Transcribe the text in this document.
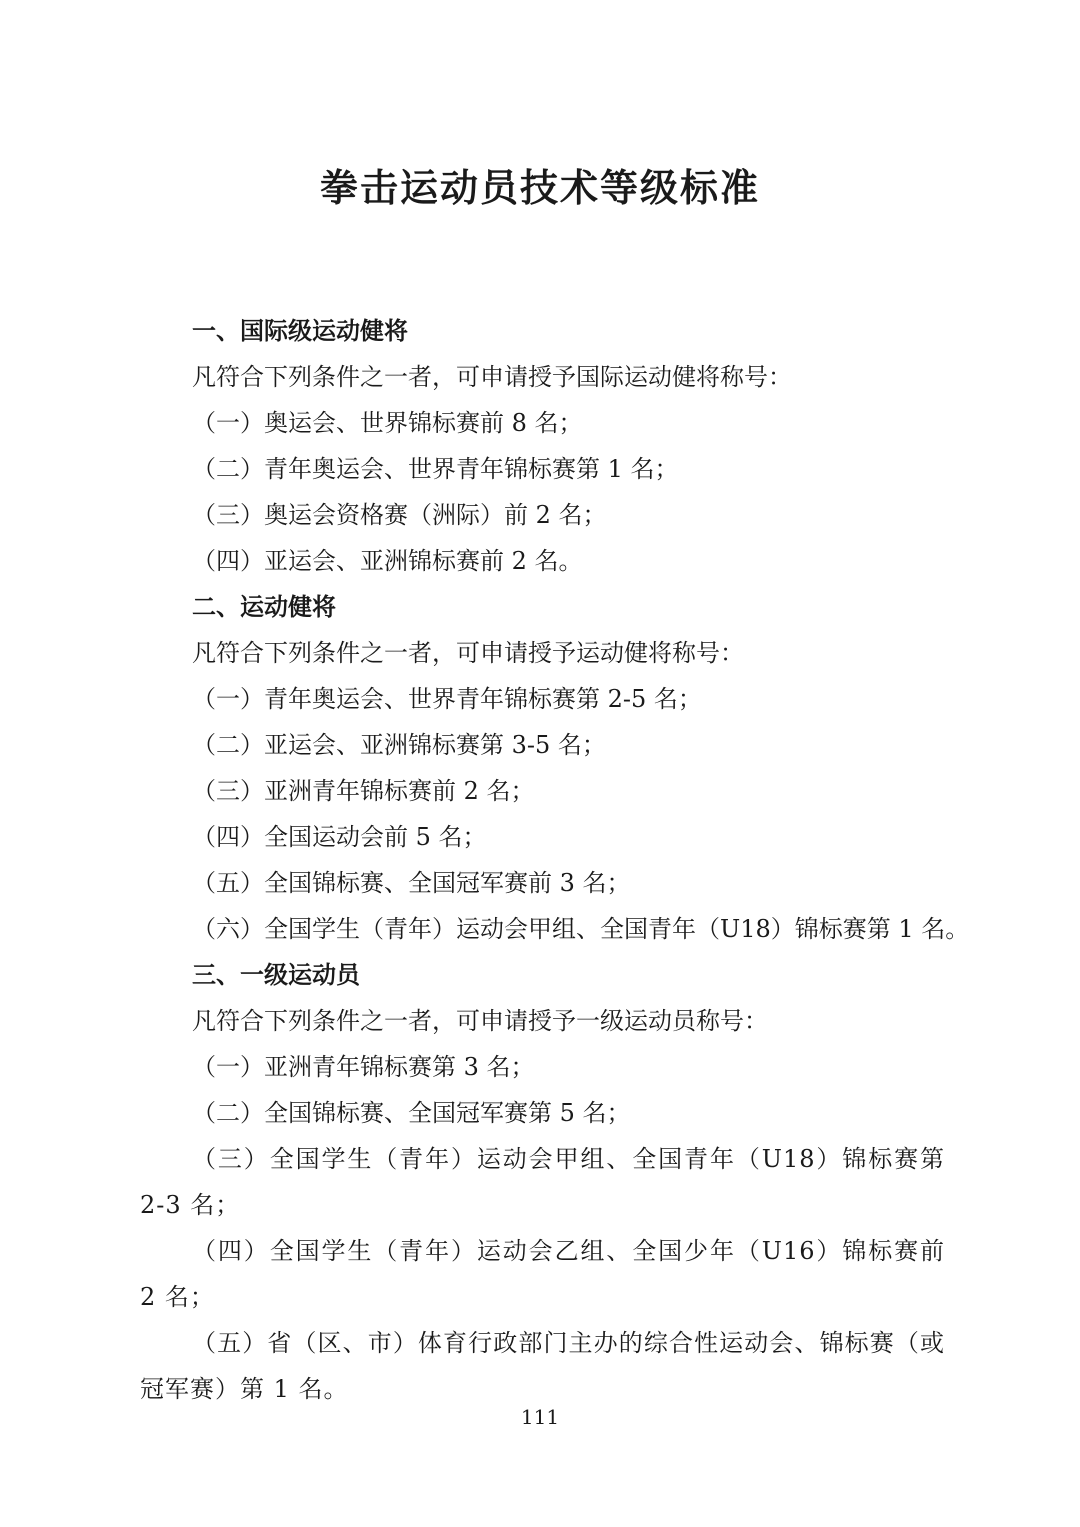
拳击运动员技术等级标准
一、国际级运动健将
凡符合下列条件之一者，可申请授予国际运动健将称号：
（一）奥运会、世界锦标赛前 8 名；
（二）青年奥运会、世界青年锦标赛第 1 名；
（三）奥运会资格赛（洲际）前 2 名；
（四）亚运会、亚洲锦标赛前 2 名。
二、运动健将
凡符合下列条件之一者，可申请授予运动健将称号：
（一）青年奥运会、世界青年锦标赛第 2-5 名；
（二）亚运会、亚洲锦标赛第 3-5 名；
（三）亚洲青年锦标赛前 2 名；
（四）全国运动会前 5 名；
（五）全国锦标赛、全国冠军赛前 3 名；
（六）全国学生（青年）运动会甲组、全国青年（U18）锦标赛第 1 名。
三、一级运动员
凡符合下列条件之一者，可申请授予一级运动员称号：
（一）亚洲青年锦标赛第 3 名；
（二）全国锦标赛、全国冠军赛第 5 名；
（三）全国学生（青年）运动会甲组、全国青年（U18）锦标赛第 2-3 名；
（四）全国学生（青年）运动会乙组、全国少年（U16）锦标赛前 2 名；
（五）省（区、市）体育行政部门主办的综合性运动会、锦标赛（或冠军赛）第 1 名。
111
